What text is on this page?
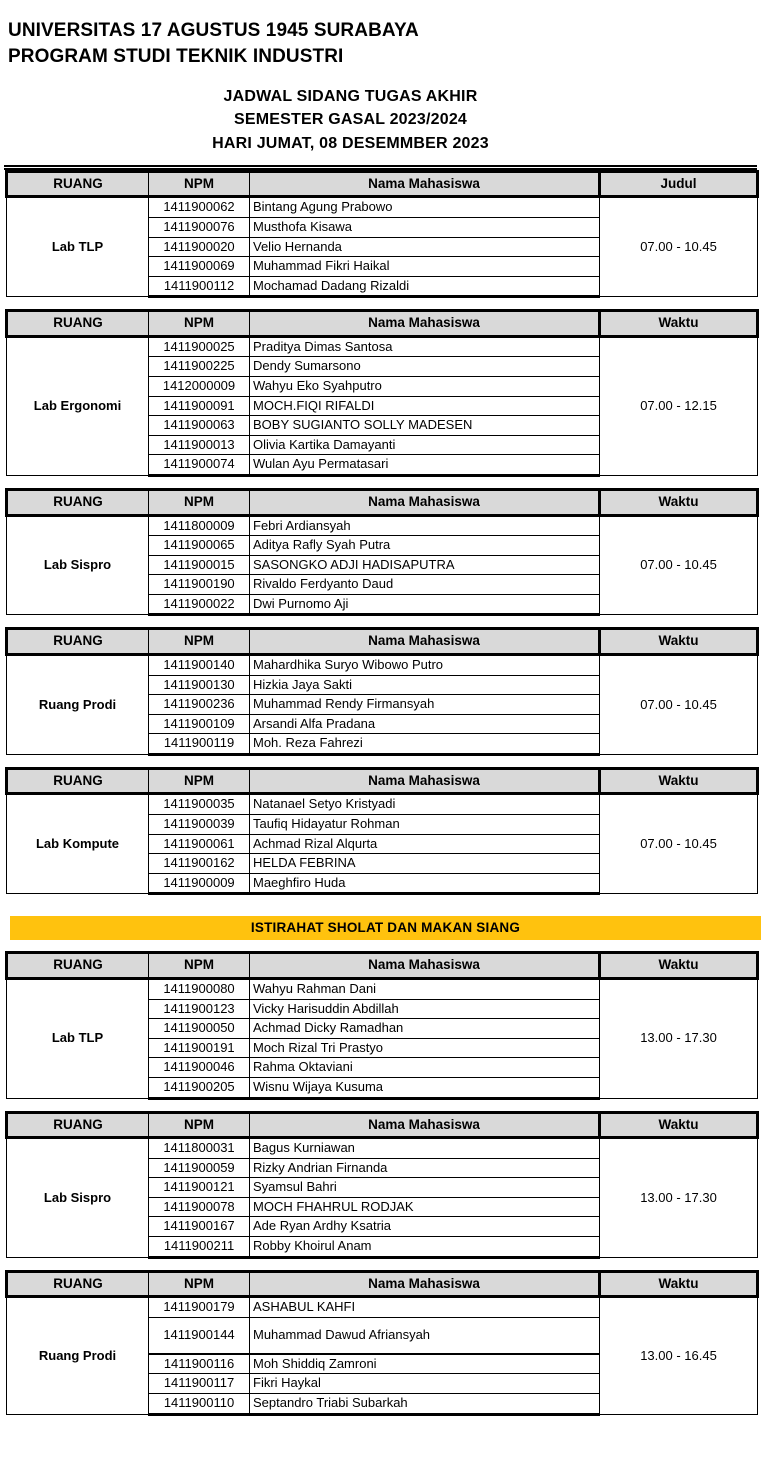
UNIVERSITAS 17 AGUSTUS 1945 SURABAYA
PROGRAM STUDI TEKNIK INDUSTRI
JADWAL SIDANG TUGAS AKHIR
SEMESTER GASAL 2023/2024
HARI JUMAT, 08 DESEMMBER 2023
RUANG	NPM	Nama Mahasiswa	Judul
Lab TLP	1411900062	Bintang Agung Prabowo	07.00 - 10.45
	1411900076	Musthofa Kisawa	
	1411900020	Velio Hernanda	
	1411900069	Muhammad Fikri Haikal	
	1411900112	Mochamad Dadang Rizaldi	
RUANG	NPM	Nama Mahasiswa	Waktu
Lab Ergonomi	1411900025	Praditya Dimas Santosa	07.00 - 12.15
	1411900225	Dendy Sumarsono	
	1412000009	Wahyu Eko Syahputro	
	1411900091	MOCH.FIQI RIFALDI	
	1411900063	BOBY SUGIANTO SOLLY MADESEN	
	1411900013	Olivia Kartika Damayanti	
	1411900074	Wulan Ayu Permatasari	
RUANG	NPM	Nama Mahasiswa	Waktu
Lab Sispro	1411800009	Febri Ardiansyah	07.00 - 10.45
	1411900065	Aditya Rafly Syah Putra	
	1411900015	SASONGKO ADJI HADISAPUTRA	
	1411900190	Rivaldo Ferdyanto Daud	
	1411900022	Dwi Purnomo Aji	
RUANG	NPM	Nama Mahasiswa	Waktu
Ruang Prodi	1411900140	Mahardhika Suryo Wibowo Putro	07.00 - 10.45
	1411900130	Hizkia Jaya Sakti	
	1411900236	Muhammad Rendy Firmansyah	
	1411900109	Arsandi Alfa Pradana	
	1411900119	Moh. Reza Fahrezi	
RUANG	NPM	Nama Mahasiswa	Waktu
Lab Kompute	1411900035	Natanael Setyo Kristyadi	07.00 - 10.45
	1411900039	Taufiq Hidayatur Rohman	
	1411900061	Achmad Rizal Alqurta	
	1411900162	HELDA FEBRINA	
	1411900009	Maeghfiro Huda	
ISTIRAHAT SHOLAT DAN MAKAN SIANG
RUANG	NPM	Nama Mahasiswa	Waktu
Lab TLP	1411900080	Wahyu Rahman Dani	13.00 - 17.30
	1411900123	Vicky Harisuddin Abdillah	
	1411900050	Achmad Dicky Ramadhan	
	1411900191	Moch Rizal Tri Prastyo	
	1411900046	Rahma Oktaviani	
	1411900205	Wisnu Wijaya Kusuma	
RUANG	NPM	Nama Mahasiswa	Waktu
Lab Sispro	1411800031	Bagus Kurniawan	13.00 - 17.30
	1411900059	Rizky Andrian Firnanda	
	1411900121	Syamsul Bahri	
	1411900078	MOCH FHAHRUL RODJAK	
	1411900167	Ade Ryan Ardhy Ksatria	
	1411900211	Robby Khoirul Anam	
RUANG	NPM	Nama Mahasiswa	Waktu
Ruang Prodi	1411900179	ASHABUL KAHFI	13.00 - 16.45
	1411900144	Muhammad Dawud Afriansyah	
	1411900116	Moh Shiddiq Zamroni	
	1411900117	Fikri Haykal	
	1411900110	Septandro Triabi Subarkah	
